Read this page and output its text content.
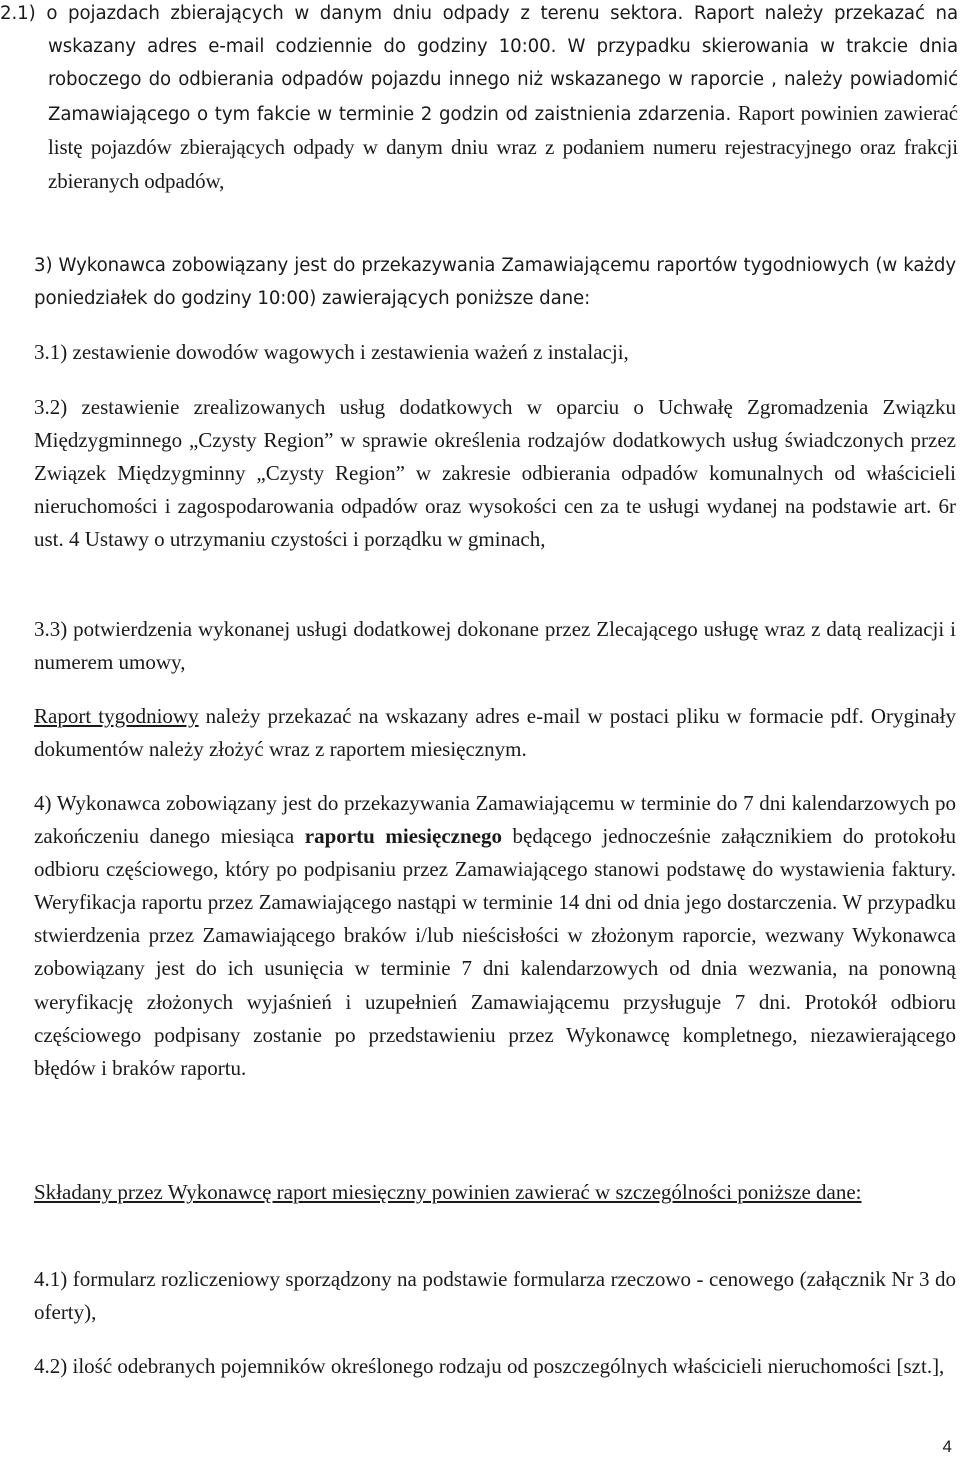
2.1) o pojazdach zbierających w danym dniu odpady z terenu sektora. Raport należy przekazać na wskazany adres e-mail codziennie do godziny 10:00. W przypadku skierowania w trakcie dnia roboczego do odbierania odpadów pojazdu innego niż wskazanego w raporcie , należy powiadomić Zamawiającego o tym fakcie w terminie 2 godzin od zaistnienia zdarzenia. Raport powinien zawierać listę pojazdów zbierających odpady w danym dniu wraz z podaniem numeru rejestracyjnego oraz frakcji zbieranych odpadów,

3) Wykonawca zobowiązany jest do przekazywania Zamawiającemu raportów tygodniowych (w każdy poniedziałek do godziny 10:00) zawierających poniższe dane:

3.1) zestawienie dowodów wagowych i zestawienia ważeń z instalacji,

3.2) zestawienie zrealizowanych usług dodatkowych w oparciu o Uchwałę Zgromadzenia Związku Międzygminnego „Czysty Region” w sprawie określenia rodzajów dodatkowych usług świadczonych przez Związek Międzygminny „Czysty Region” w zakresie odbierania odpadów komunalnych od właścicieli nieruchomości i zagospodarowania odpadów oraz wysokości cen za te usługi wydanej na podstawie art. 6r ust. 4 Ustawy o utrzymaniu czystości i porządku w gminach,

3.3) potwierdzenia wykonanej usługi dodatkowej dokonane przez Zlecającego usługę wraz z datą realizacji i numerem umowy,

Raport tygodniowy należy przekazać na wskazany adres e-mail w postaci pliku w formacie pdf. Oryginały dokumentów należy złożyć wraz z raportem miesięcznym.

4) Wykonawca zobowiązany jest do przekazywania Zamawiającemu w terminie do 7 dni kalendarzowych po zakończeniu danego miesiąca raportu miesięcznego będącego jednocześnie załącznikiem do protokołu odbioru częściowego, który po podpisaniu przez Zamawiającego stanowi podstawę do wystawienia faktury. Weryfikacja raportu przez Zamawiającego nastąpi w terminie 14 dni od dnia jego dostarczenia. W przypadku stwierdzenia przez Zamawiającego braków i/lub nieścisłości w złożonym raporcie, wezwany Wykonawca zobowiązany jest do ich usunięcia w terminie 7 dni kalendarzowych od dnia wezwania, na ponowną weryfikację złożonych wyjaśnień i uzupełnień Zamawiającemu przysługuje 7 dni. Protokół odbioru częściowego podpisany zostanie po przedstawieniu przez Wykonawcę kompletnego, niezawierającego błędów i braków raportu.

Składany przez Wykonawcę raport miesięczny powinien zawierać w szczególności poniższe dane:

4.1) formularz rozliczeniowy sporządzony na podstawie formularza rzeczowo - cenowego (załącznik Nr 3 do oferty),

4.2) ilość odebranych pojemników określonego rodzaju od poszczególnych właścicieli nieruchomości [szt.],

4
